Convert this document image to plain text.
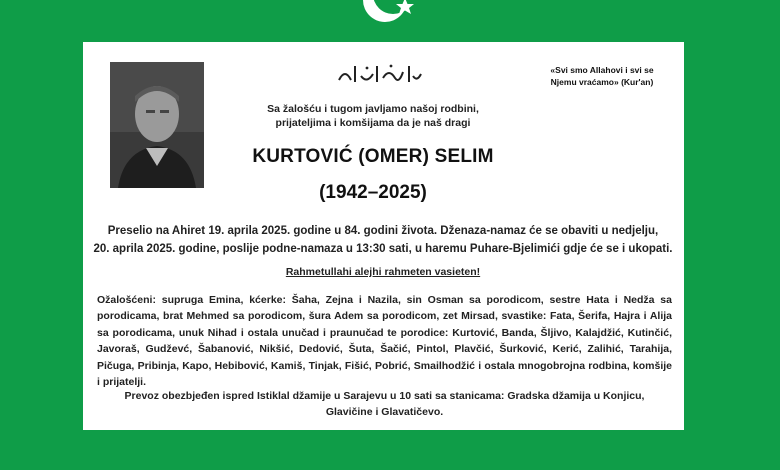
«Svi smo Allahovi i svi se
Njemu vraćamo» (Kur'an)
Sa žalošću i tugom javljamo našoj rodbini,
prijateljima i komšijama da je naš dragi
KURTOVIĆ (OMER) SELIM
(1942–2025)
Preselio na Ahiret 19. aprila 2025. godine u 84. godini života. Dženaza-namaz će se obaviti u nedjelju,
20. aprila 2025. godine, poslije podne-namaza u 13:30 sati, u haremu Puhare-Bjelimići gdje će se i ukopati.
Rahmetullahi alejhi rahmeten vasieten!
Ožalošćeni: supruga Emina, kćerke: Šaha, Zejna i Nazila, sin Osman sa porodicom, sestre Hata i Nedža sa porodicama, brat Mehmed sa porodicom, šura Adem sa porodicom, zet Mirsad, svastike: Fata, Šerifa, Hajra i Alija sa porodicama, unuk Nihad i ostala unučad i praunučad te porodice: Kurtović, Banda, Šljivo, Kalajdžić, Kutinčić, Javoraš, Gudževć, Šabanović, Nikšić, Dedović, Šuta, Šačić, Pintol, Plavčić, Šurković, Kerić, Zalihić, Tarahija, Pičuga, Pribinja, Kapo, Hebibović, Kamiš, Tinjak, Fišić, Pobrić, Smailhodžić i ostala mnogobrojna rodbina, komšije i prijatelji.
Prevoz obezbjeđen ispred Istiklal džamije u Sarajevu u 10 sati sa stanicama: Gradska džamija u Konjicu,
Glavičine i Glavatičevo.
